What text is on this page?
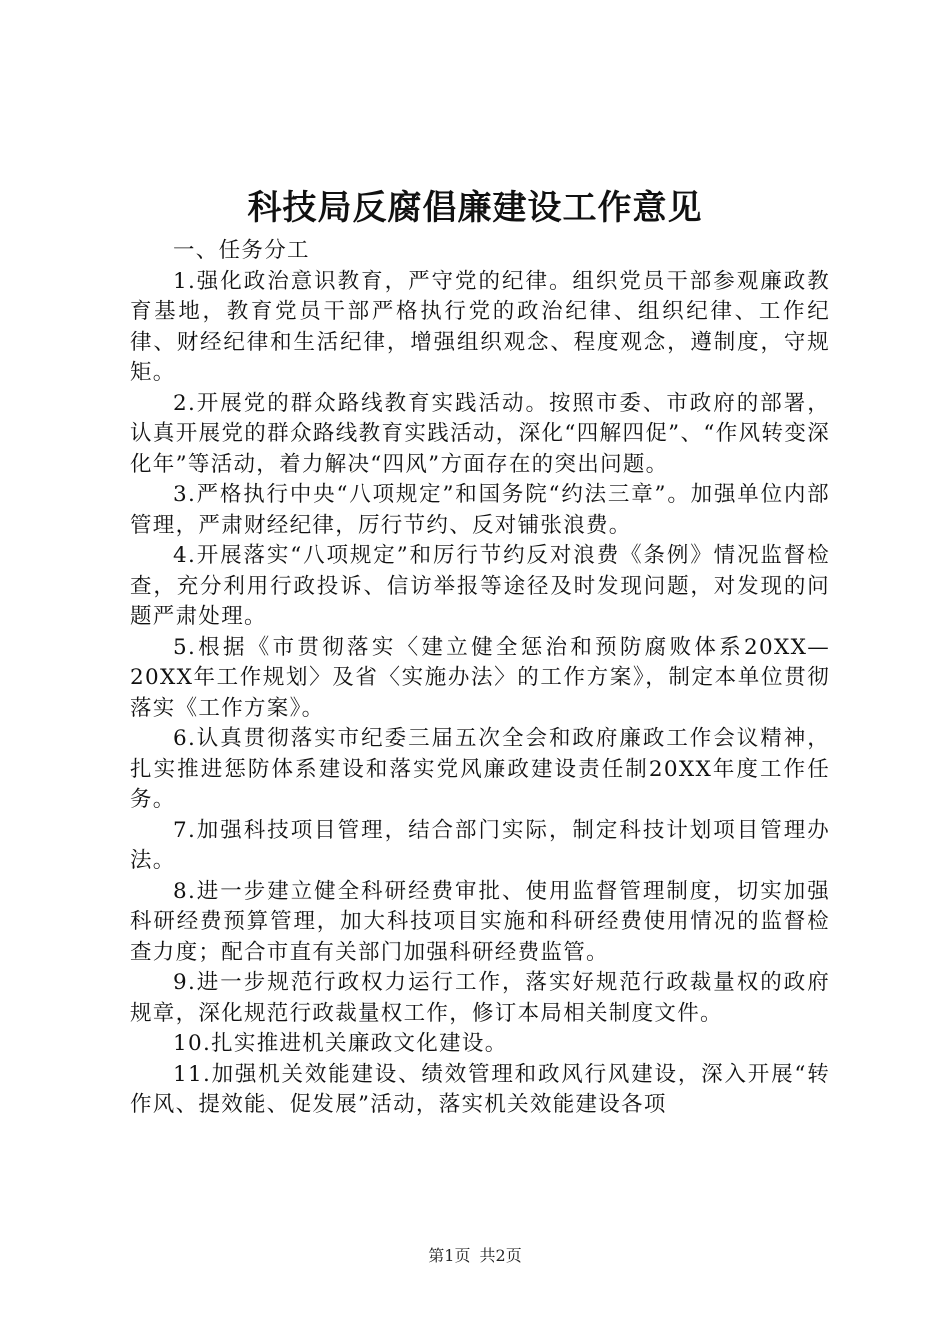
科技局反腐倡廉建设工作意见

一、任务分工

1.强化政治意识教育，严守党的纪律。组织党员干部参观廉政教育基地，教育党员干部严格执行党的政治纪律、组织纪律、工作纪律、财经纪律和生活纪律，增强组织观念、程度观念，遵制度，守规矩。

2.开展党的群众路线教育实践活动。按照市委、市政府的部署，认真开展党的群众路线教育实践活动，深化“四解四促”、“作风转变深化年”等活动，着力解决“四风”方面存在的突出问题。

3.严格执行中央“八项规定”和国务院“约法三章”。加强单位内部管理，严肃财经纪律，厉行节约、反对铺张浪费。

4.开展落实“八项规定”和厉行节约反对浪费《条例》情况监督检查，充分利用行政投诉、信访举报等途径及时发现问题，对发现的问题严肃处理。

5.根据《市贯彻落实〈建立健全惩治和预防腐败体系20XX—20XX年工作规划〉及省〈实施办法〉的工作方案》，制定本单位贯彻落实《工作方案》。

6.认真贯彻落实市纪委三届五次全会和政府廉政工作会议精神，扎实推进惩防体系建设和落实党风廉政建设责任制20XX年度工作任务。

7.加强科技项目管理，结合部门实际，制定科技计划项目管理办法。

8.进一步建立健全科研经费审批、使用监督管理制度，切实加强科研经费预算管理，加大科技项目实施和科研经费使用情况的监督检查力度；配合市直有关部门加强科研经费监管。

9.进一步规范行政权力运行工作，落实好规范行政裁量权的政府规章，深化规范行政裁量权工作，修订本局相关制度文件。

10.扎实推进机关廉政文化建设。

11.加强机关效能建设、绩效管理和政风行风建设，深入开展“转作风、提效能、促发展”活动，落实机关效能建设各项

第1页 共2页
